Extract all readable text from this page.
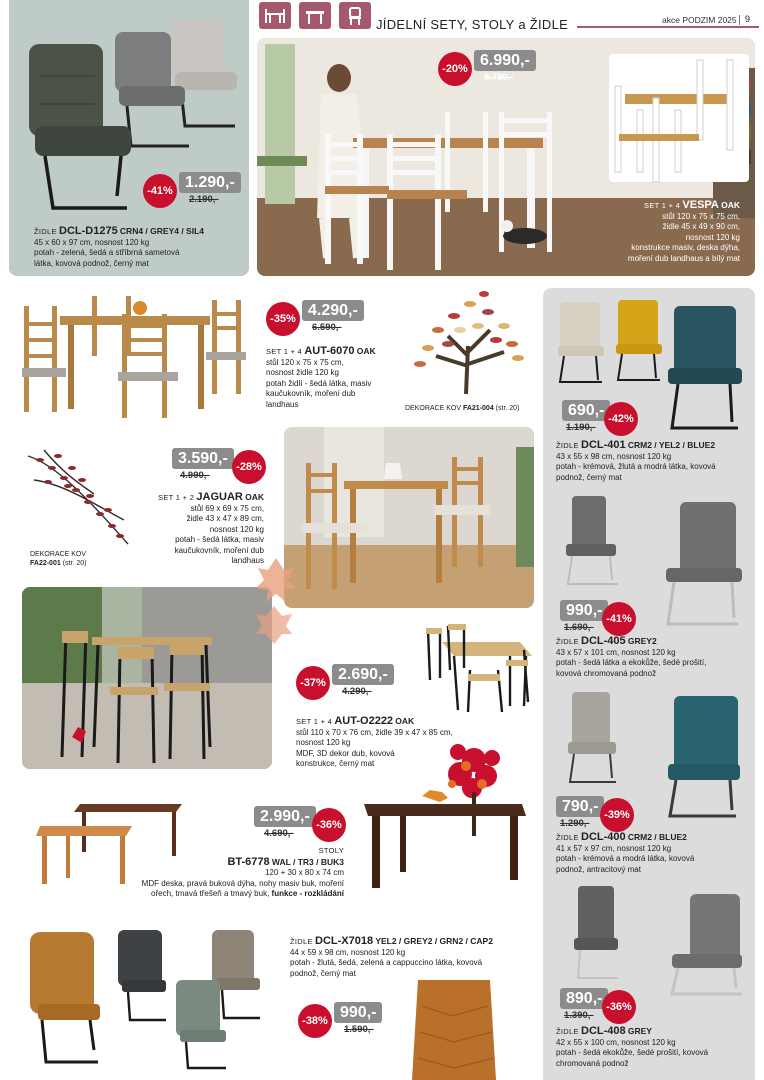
JÍDELNÍ SETY, STOLY a ŽIDLE	akce PODZIM 2025 9
-41% 1.290,-
2.190,-
ŽIDLE DCL-D1275 CRN4 / GREY4 / SIL4
45 x 60 x 97 cm, nosnost 120 kg
potah - zelená, šedá a stříbrná sametová
látka, kovová podnož, černý mat
-20% 6.990,-
8.790,-
SET 1 + 4 VESPA OAK
stůl 120 x 75 x 75 cm,
židle 45 x 49 x 90 cm,
nosnost 120 kg
konstrukce masiv, deska dýha,
moření dub landhaus a bílý mat
-35% 4.290,-
6.590,-
SET 1 + 4 AUT-6070 OAK
stůl 120 x 75 x 75 cm,
nosnost židle 120 kg
potah židlí - šedá látka, masiv
kaučukovník, moření dub
landhaus	DEKORACE KOV FA21-004 (str. 20)
DEKORACE KOV
FA22-001 (str. 20)
3.590,- -28%
4.990,-
SET 1 + 2 JAGUAR OAK
stůl 69 x 69 x 75 cm,
židle 43 x 47 x 89 cm,
nosnost 120 kg
potah - šedá látka, masiv
kaučukovník, moření dub
landhaus
-37% 2.690,-
4.290,-
SET 1 + 4 AUT-O2222 OAK
stůl 110 x 70 x 76 cm, židle 39 x 47 x 85 cm,
nosnost 120 kg
MDF, 3D dekor dub, kovová
konstrukce, černý mat
2.990,- -36%
4.690,-
STOLY
BT-6778 WAL / TR3 / BUK3
120 + 30 x 80 x 74 cm
MDF deska, pravá buková dýha, nohy masiv buk, moření
ořech, tmavá třešeň a tmavý buk, funkce - rozkládání
ŽIDLE DCL-X7018 YEL2 / GREY2 / GRN2 / CAP2
44 x 59 x 98 cm, nosnost 120 kg
potah - žlutá, šedá, zelená a cappuccino látka, kovová
podnož, černý mat
-38% 990,-
1.590,-
690,- -42%
1.190,-
ŽIDLE DCL-401 CRM2 / YEL2 / BLUE2
43 x 55 x 98 cm, nosnost 120 kg
potah - krémová, žlutá a modrá látka, kovová
podnož, černý mat
990,- -41%
1.690,-
ŽIDLE DCL-405 GREY2
43 x 57 x 101 cm, nosnost 120 kg
potah - šedá látka a ekokůže, šedé prošití,
kovová chromovaná podnož
790,- -39%
1.290,-
ŽIDLE DCL-400 CRM2 / BLUE2
41 x 57 x 97 cm, nosnost 120 kg
potah - krémová a modrá látka, kovová
podnož, antracitový mat
890,- -36%
1.390,-
ŽIDLE DCL-408 GREY
42 x 55 x 100 cm, nosnost 120 kg
potah - šedá ekokůže, šedé prošití, kovová
chromovaná podnož
